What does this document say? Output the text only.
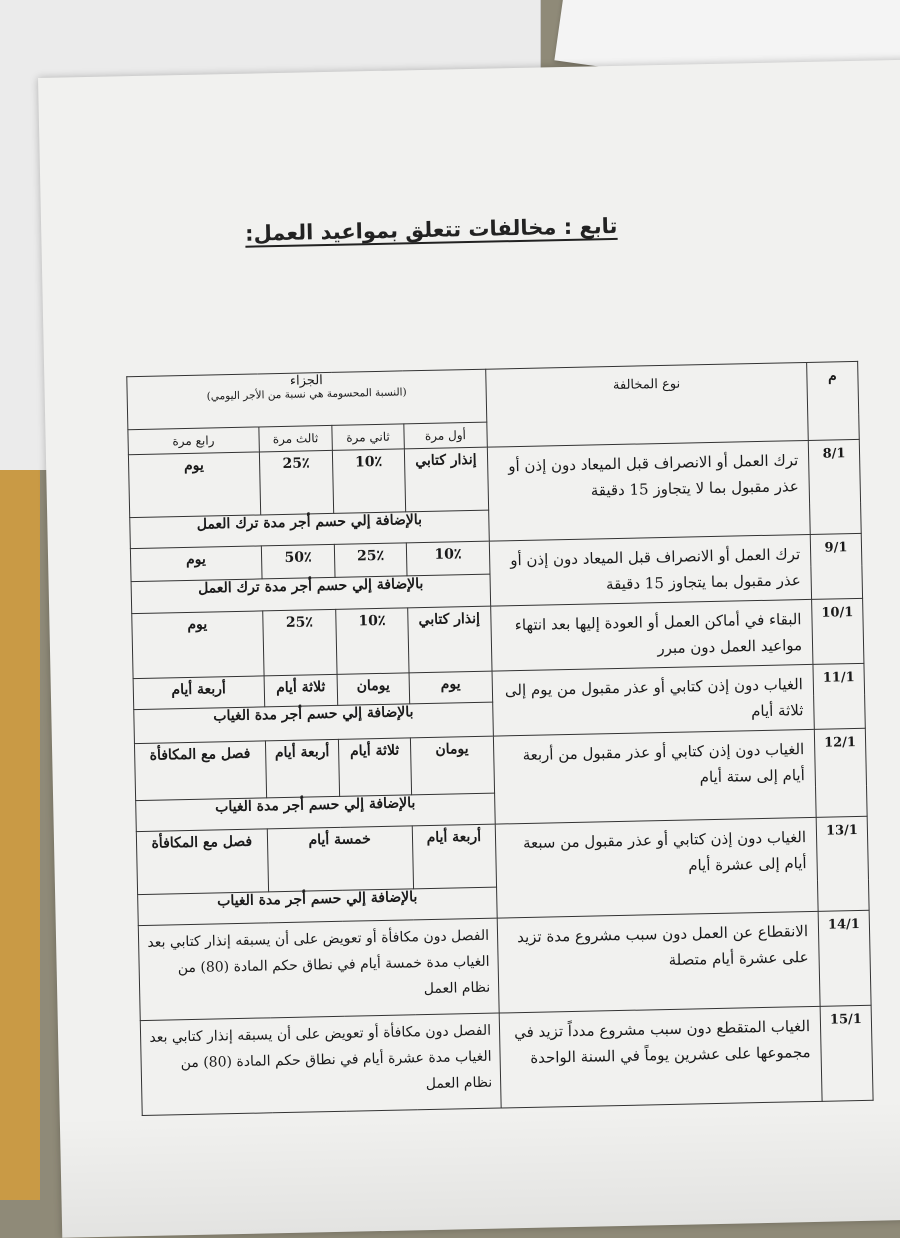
تابع : مخالفات تتعلق بمواعيد العمل:
م	نوع المخالفة	الجزاء
(النسبة المحسومة هي نسبة من الأجر اليومي)			

		أول مرة	ثاني مرة	ثالث مرة	رابع مرة
8/1	ترك العمل أو الانصراف قبل الميعاد دون إذن أو عذر مقبول بما لا يتجاوز 15 دقيقة	إنذار كتابي	10٪	25٪	يوم
		بالإضافة إلي حسم أجر مدة ترك العمل			
9/1	ترك العمل أو الانصراف قبل الميعاد دون إذن أو عذر مقبول بما يتجاوز 15 دقيقة	10٪	25٪	50٪	يوم
		بالإضافة إلي حسم أجر مدة ترك العمل			
10/1	البقاء في أماكن العمل أو العودة إليها بعد انتهاء مواعيد العمل دون مبرر	إنذار كتابي	10٪	25٪	يوم
11/1	الغياب دون إذن كتابي أو عذر مقبول من يوم إلى ثلاثة أيام	يوم	يومان	ثلاثة أيام	أربعة أيام
		بالإضافة إلي حسم أجر مدة الغياب			
12/1	الغياب دون إذن كتابي أو عذر مقبول من أربعة أيام إلى ستة أيام	يومان	ثلاثة أيام	أربعة أيام	فصل مع المكافأة
		بالإضافة إلي حسم أجر مدة الغياب			
13/1	الغياب دون إذن كتابي أو عذر مقبول من سبعة أيام إلى عشرة أيام	أربعة أيام	خمسة أيام		فصل مع المكافأة
		بالإضافة إلي حسم أجر مدة الغياب			
14/1	الانقطاع عن العمل دون سبب مشروع مدة تزيد على عشرة أيام متصلة	الفصل دون مكافأة أو تعويض على أن يسبقه إنذار كتابي بعد الغياب مدة خمسة أيام في نطاق حكم المادة (80) من نظام العمل			
15/1	الغياب المتقطع دون سبب مشروع مدداً تزيد في مجموعها على عشرين يوماً في السنة الواحدة	الفصل دون مكافأة أو تعويض على أن يسبقه إنذار كتابي بعد الغياب مدة عشرة أيام في نطاق حكم المادة (80) من نظام العمل			
